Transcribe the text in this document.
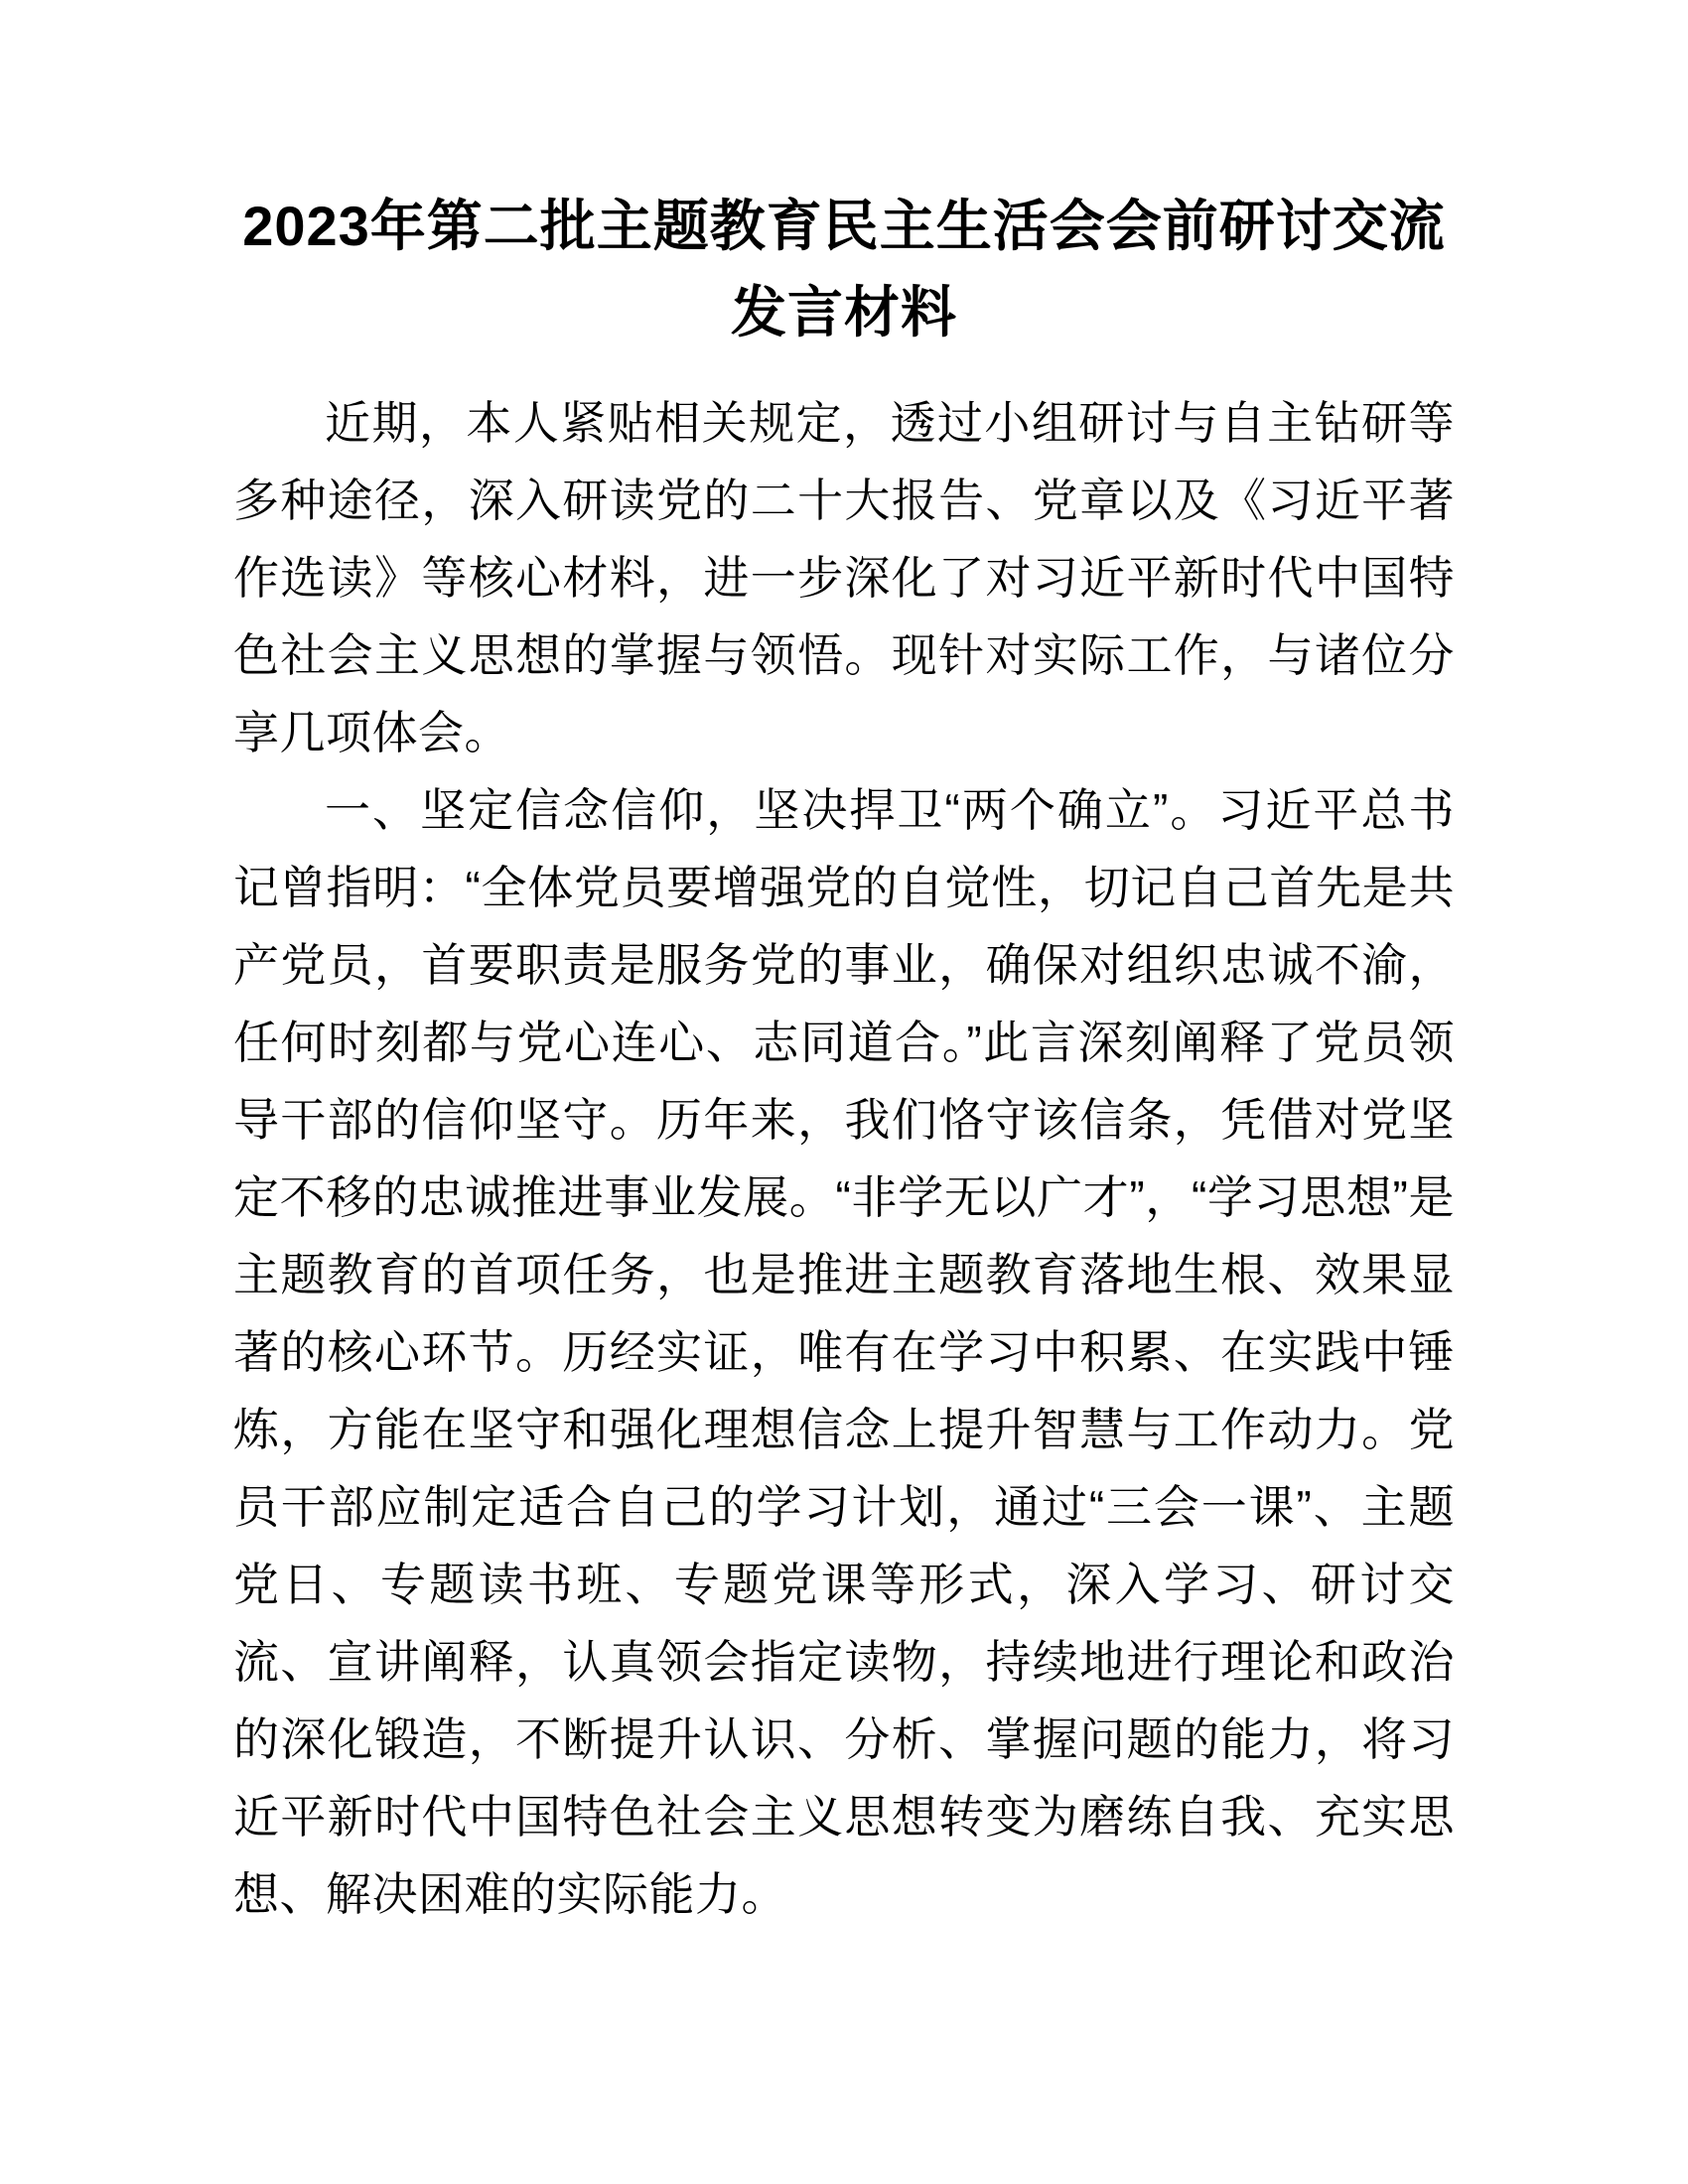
2023年第二批主题教育民主生活会会前研讨交流发言材料

近期，本人紧贴相关规定，透过小组研讨与自主钻研等多种途径，深入研读党的二十大报告、党章以及《习近平著作选读》等核心材料，进一步深化了对习近平新时代中国特色社会主义思想的掌握与领悟。现针对实际工作，与诸位分享几项体会。

一、坚定信念信仰，坚决捍卫“两个确立”。习近平总书记曾指明：“全体党员要增强党的自觉性，切记自己首先是共产党员，首要职责是服务党的事业，确保对组织忠诚不渝，任何时刻都与党心连心、志同道合。”此言深刻阐释了党员领导干部的信仰坚守。历年来，我们恪守该信条，凭借对党坚定不移的忠诚推进事业发展。“非学无以广才”，“学习思想”是主题教育的首项任务，也是推进主题教育落地生根、效果显著的核心环节。历经实证，唯有在学习中积累、在实践中锤炼，方能在坚守和强化理想信念上提升智慧与工作动力。党员干部应制定适合自己的学习计划，通过“三会一课”、主题党日、专题读书班、专题党课等形式，深入学习、研讨交流、宣讲阐释，认真领会指定读物，持续地进行理论和政治的深化锻造，不断提升认识、分析、掌握问题的能力，将习近平新时代中国特色社会主义思想转变为磨练自我、充实思想、解决困难的实际能力。
